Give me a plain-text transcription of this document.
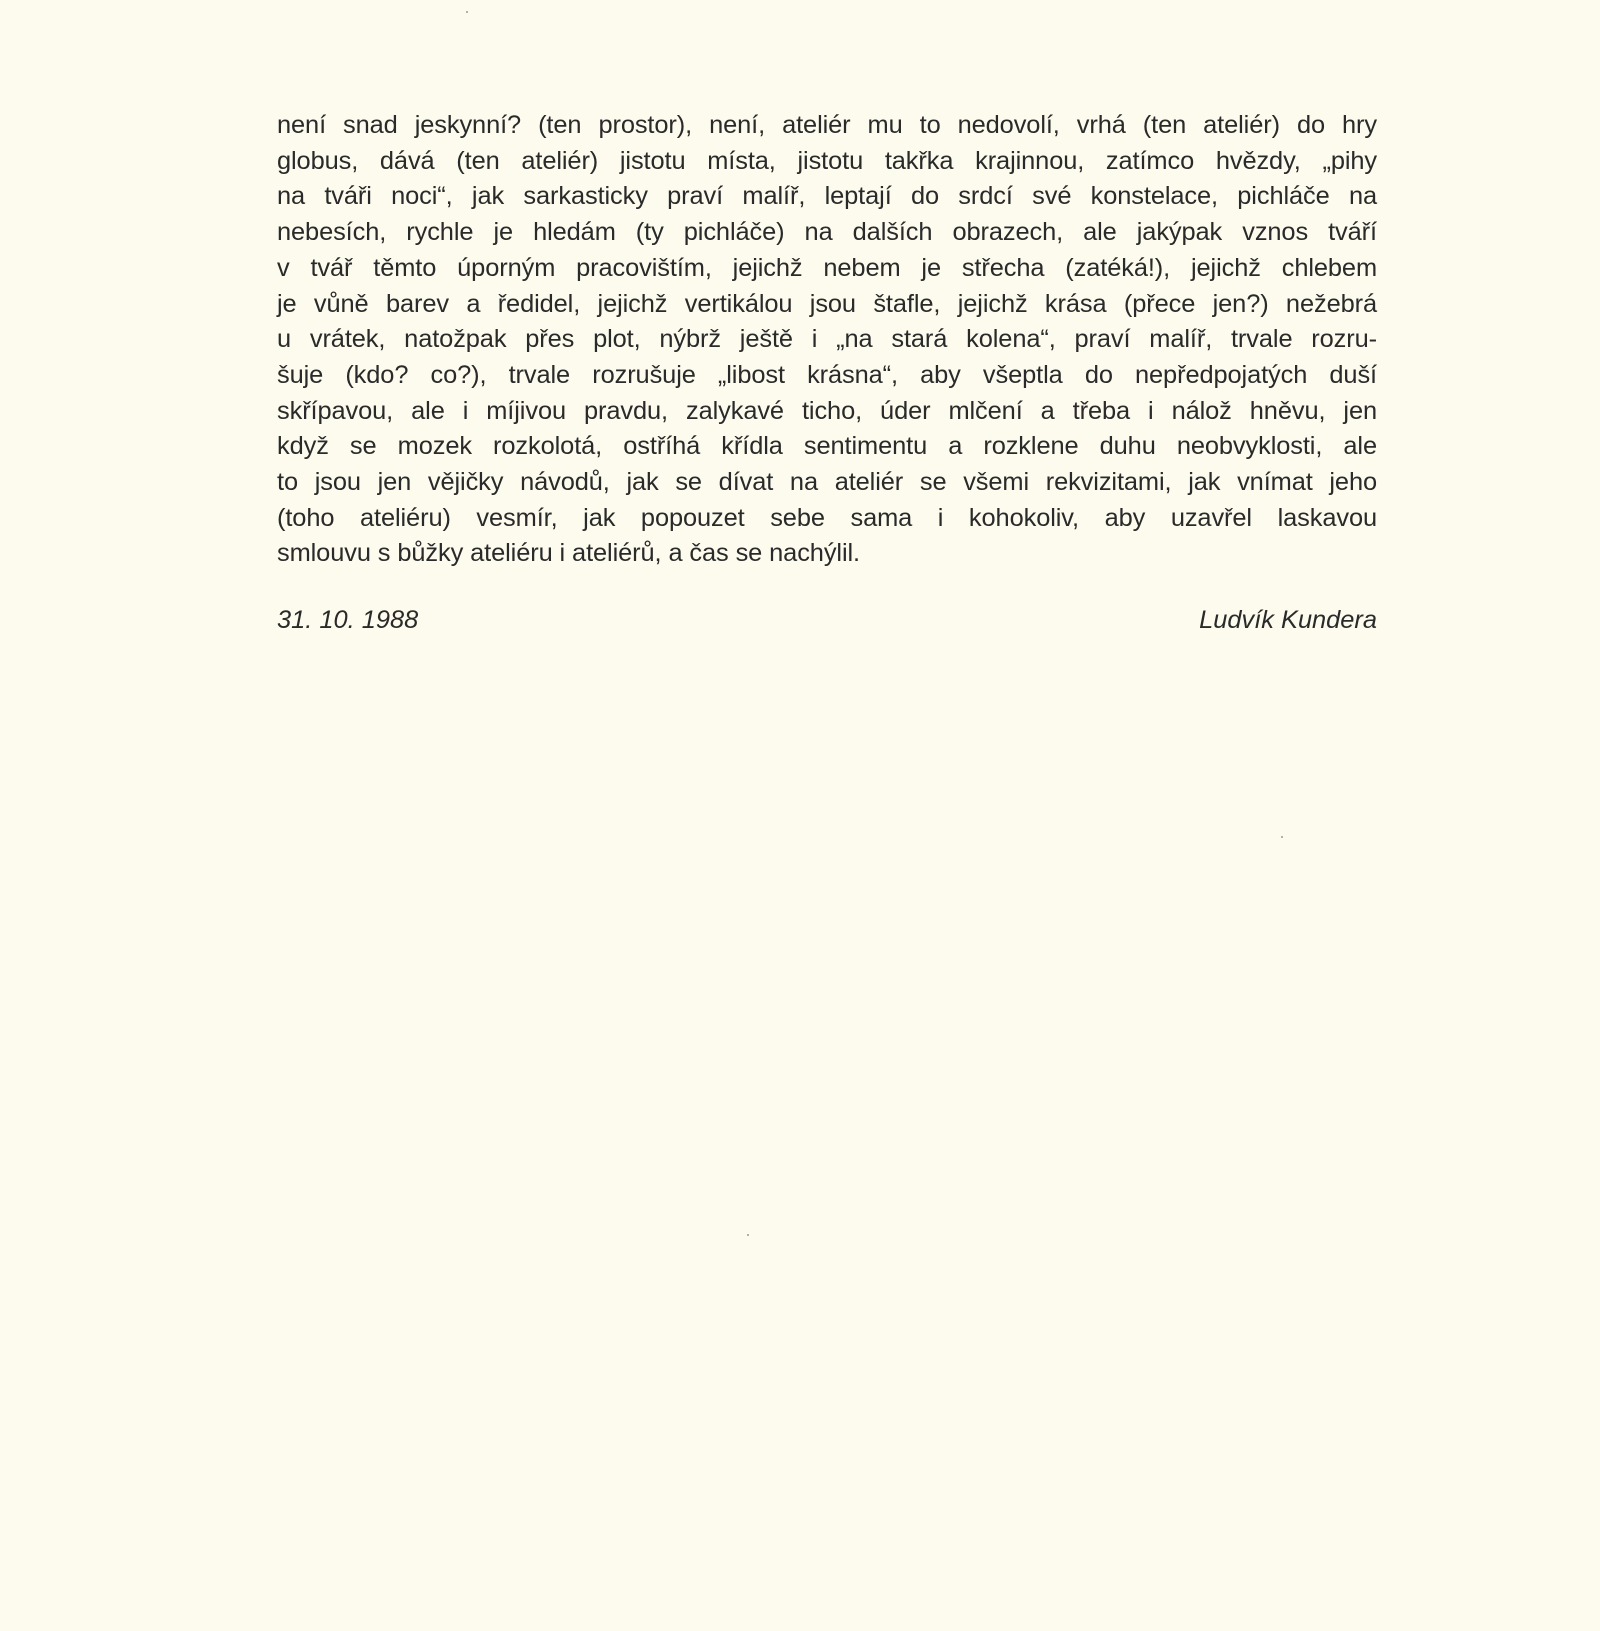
není snad jeskynní? (ten prostor), není, ateliér mu to nedovolí, vrhá (ten ateliér) do hry
globus, dává (ten ateliér) jistotu místa, jistotu takřka krajinnou, zatímco hvězdy, „pihy
na tváři noci“, jak sarkasticky praví malíř, leptají do srdcí své konstelace, pichláče na
nebesích, rychle je hledám (ty pichláče) na dalších obrazech, ale jakýpak vznos tváří
v tvář těmto úporným pracovištím, jejichž nebem je střecha (zatéká!), jejichž chlebem
je vůně barev a ředidel, jejichž vertikálou jsou štafle, jejichž krása (přece jen?) nežebrá
u vrátek, natožpak přes plot, nýbrž ještě i „na stará kolena“, praví malíř, trvale rozru-
šuje (kdo? co?), trvale rozrušuje „libost krásna“, aby všeptla do nepředpojatých duší
skřípavou, ale i míjivou pravdu, zalykavé ticho, úder mlčení a třeba i nálož hněvu, jen
když se mozek rozkolotá, ostříhá křídla sentimentu a rozklene duhu neobvyklosti, ale
to jsou jen vějičky návodů, jak se dívat na ateliér se všemi rekvizitami, jak vnímat jeho
(toho ateliéru) vesmír, jak popouzet sebe sama i kohokoliv, aby uzavřel laskavou
smlouvu s bůžky ateliéru i ateliérů, a čas se nachýlil.
31. 10. 1988	Ludvík Kundera
